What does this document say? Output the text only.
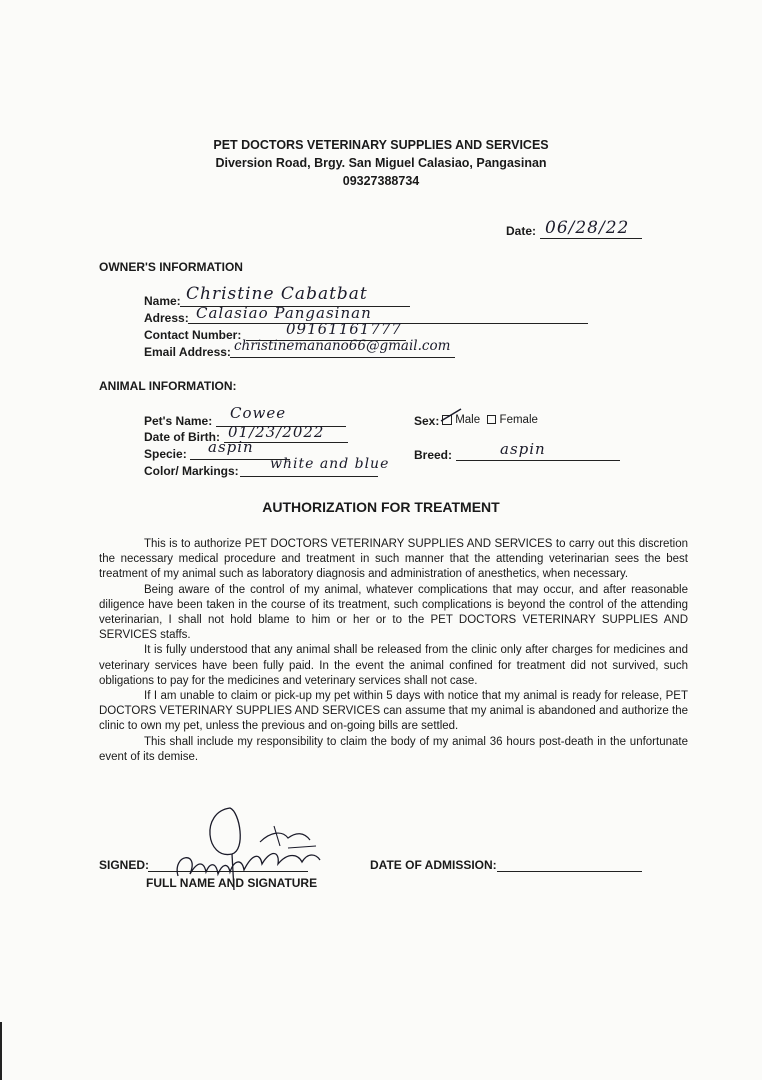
PET DOCTORS VETERINARY SUPPLIES AND SERVICES
Diversion Road, Brgy. San Miguel Calasiao, Pangasinan
09327388734
Date: 06/28/22
OWNER'S INFORMATION
Name: Christine Cabatbat
Adress: Calasiao Pangasinan
Contact Number:	09161161777
Email Address: christinemanano66@gmail.com
ANIMAL INFORMATION:
Pet's Name: Cowee
Date of Birth: 01/23/2022
Specie: aspin
Color/ Markings: white and blue
Sex:	Male Female
Breed:	aspin
AUTHORIZATION FOR TREATMENT

This is to authorize PET DOCTORS VETERINARY SUPPLIES AND SERVICES to carry out this discretion the necessary medical procedure and treatment in such manner that the attending veterinarian sees the best treatment of my animal such as laboratory diagnosis and administration of anesthetics, when necessary.

Being aware of the control of my animal, whatever complications that may occur, and after reasonable diligence have been taken in the course of its treatment, such complications is beyond the control of the attending veterinarian, I shall not hold blame to him or her or to the PET DOCTORS VETERINARY SUPPLIES AND SERVICES staffs.

It is fully understood that any animal shall be released from the clinic only after charges for medicines and veterinary services have been fully paid. In the event the animal confined for treatment did not survived, such obligations to pay for the medicines and veterinary services shall not case.

If I am unable to claim or pick-up my pet within 5 days with notice that my animal is ready for release, PET DOCTORS VETERINARY SUPPLIES AND SERVICES can assume that my animal is abandoned and authorize the clinic to own my pet, unless the previous and on-going bills are settled.

This shall include my responsibility to claim the body of my animal 36 hours post-death in the unfortunate event of its demise.

SIGNED:
FULL NAME AND SIGNATURE
DATE OF ADMISSION:
